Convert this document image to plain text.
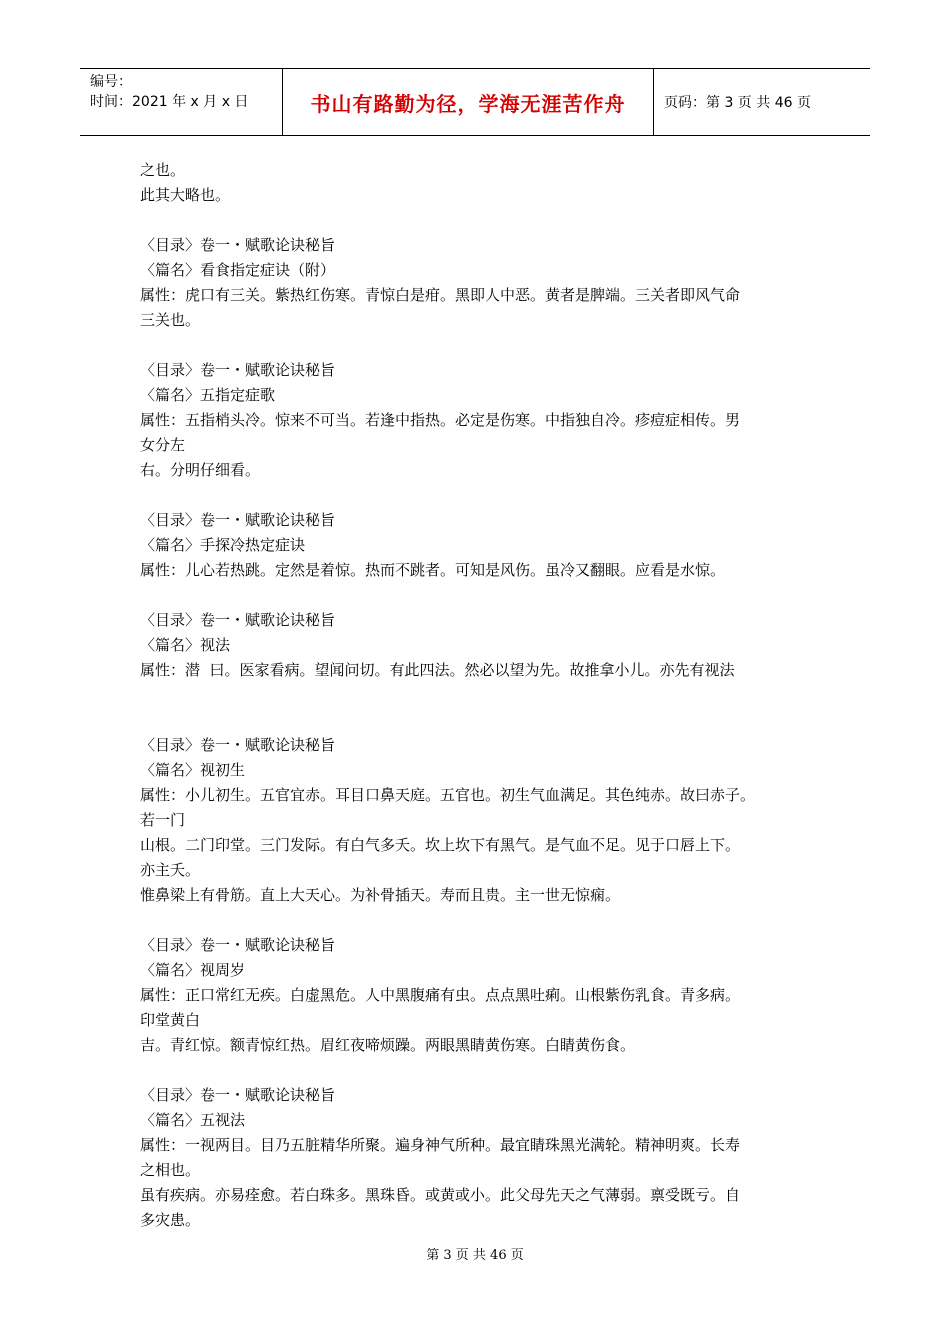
编号：
时间：2021 年 x 月 x 日	书山有路勤为径，学海无涯苦作舟	页码：第 3 页 共 46 页
之也。
此其大略也。
〈目录〉卷一・赋歌论诀秘旨
〈篇名〉看食指定症诀（附）
属性：虎口有三关。紫热红伤寒。青惊白是疳。黑即人中恶。黄者是脾端。三关者即风气命
三关也。
〈目录〉卷一・赋歌论诀秘旨
〈篇名〉五指定症歌
属性：五指梢头冷。惊来不可当。若逢中指热。必定是伤寒。中指独自冷。疹痘症相传。男
女分左
右。分明仔细看。
〈目录〉卷一・赋歌论诀秘旨
〈篇名〉手探冷热定症诀
属性：儿心若热跳。定然是着惊。热而不跳者。可知是风伤。虽冷又翻眼。应看是水惊。
〈目录〉卷一・赋歌论诀秘旨
〈篇名〉视法
属性：潜  曰。医家看病。望闻问切。有此四法。然必以望为先。故推拿小儿。亦先有视法
〈目录〉卷一・赋歌论诀秘旨
〈篇名〉视初生
属性：小儿初生。五官宜赤。耳目口鼻天庭。五官也。初生气血满足。其色纯赤。故曰赤子。
若一门
山根。二门印堂。三门发际。有白气多夭。坎上坎下有黑气。是气血不足。见于口唇上下。
亦主夭。
惟鼻梁上有骨筋。直上大天心。为补骨插天。寿而且贵。主一世无惊痫。
〈目录〉卷一・赋歌论诀秘旨
〈篇名〉视周岁
属性：正口常红无疾。白虚黑危。人中黑腹痛有虫。点点黑吐痢。山根紫伤乳食。青多病。
印堂黄白
吉。青红惊。额青惊红热。眉红夜啼烦躁。两眼黑睛黄伤寒。白睛黄伤食。
〈目录〉卷一・赋歌论诀秘旨
〈篇名〉五视法
属性：一视两目。目乃五脏精华所聚。遍身神气所种。最宜睛珠黑光满轮。精神明爽。长寿
之相也。
虽有疾病。亦易痊愈。若白珠多。黑珠昏。或黄或小。此父母先天之气薄弱。禀受既亏。自
多灾患。
第 3 页 共 46 页
